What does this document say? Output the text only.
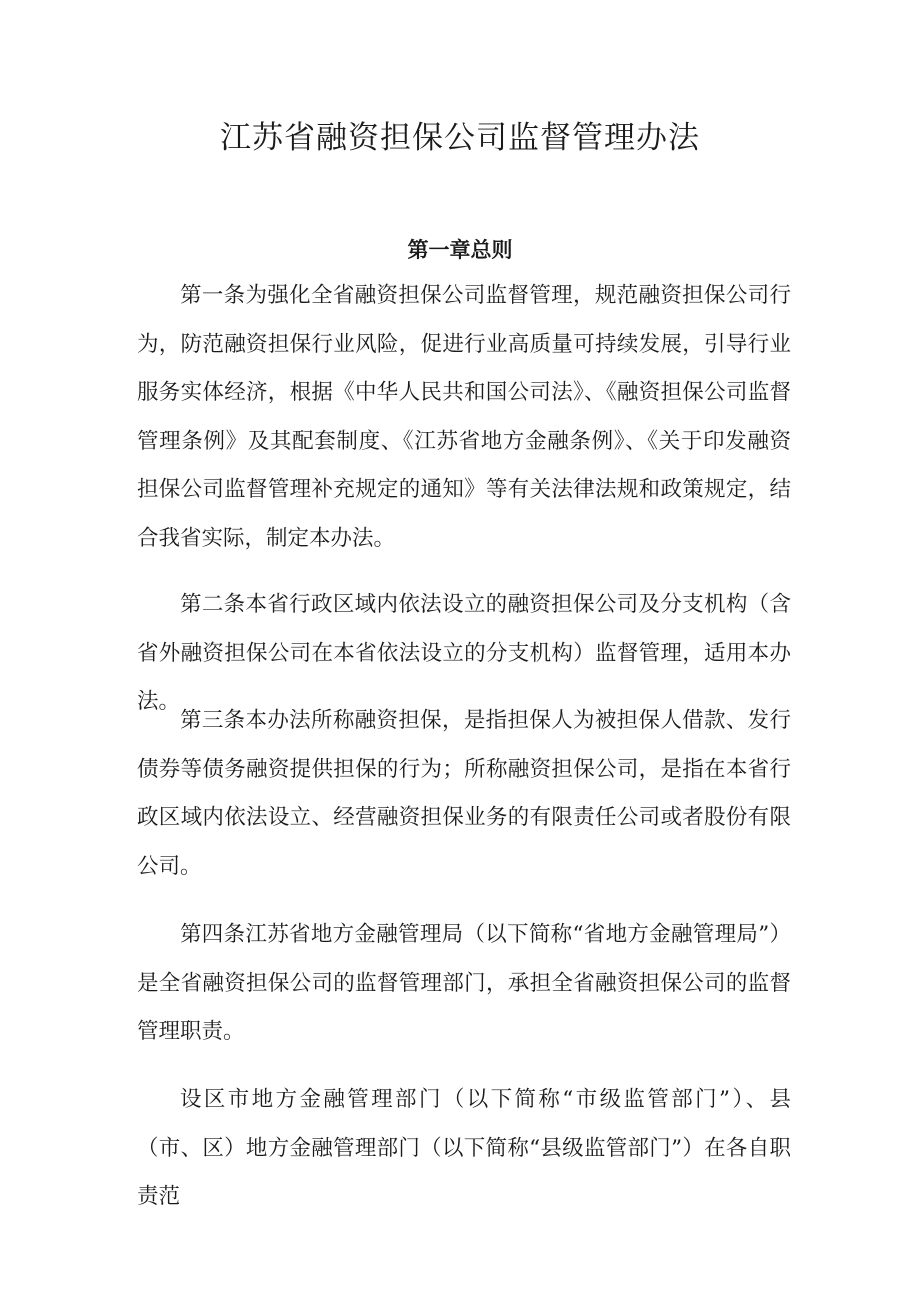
江苏省融资担保公司监督管理办法
第一章总则

第一条为强化全省融资担保公司监督管理，规范融资担保公司行为，防范融资担保行业风险，促进行业高质量可持续发展，引导行业服务实体经济，根据《中华人民共和国公司法》、《融资担保公司监督管理条例》及其配套制度、《江苏省地方金融条例》、《关于印发融资担保公司监督管理补充规定的通知》等有关法律法规和政策规定，结合我省实际，制定本办法。

第二条本省行政区域内依法设立的融资担保公司及分支机构（含省外融资担保公司在本省依法设立的分支机构）监督管理，适用本办法。

第三条本办法所称融资担保，是指担保人为被担保人借款、发行债券等债务融资提供担保的行为；所称融资担保公司，是指在本省行政区域内依法设立、经营融资担保业务的有限责任公司或者股份有限公司。

第四条江苏省地方金融管理局（以下简称“省地方金融管理局”）是全省融资担保公司的监督管理部门，承担全省融资担保公司的监督管理职责。

设区市地方金融管理部门（以下简称“市级监管部门”）、县（市、区）地方金融管理部门（以下简称“县级监管部门”）在各自职责范
